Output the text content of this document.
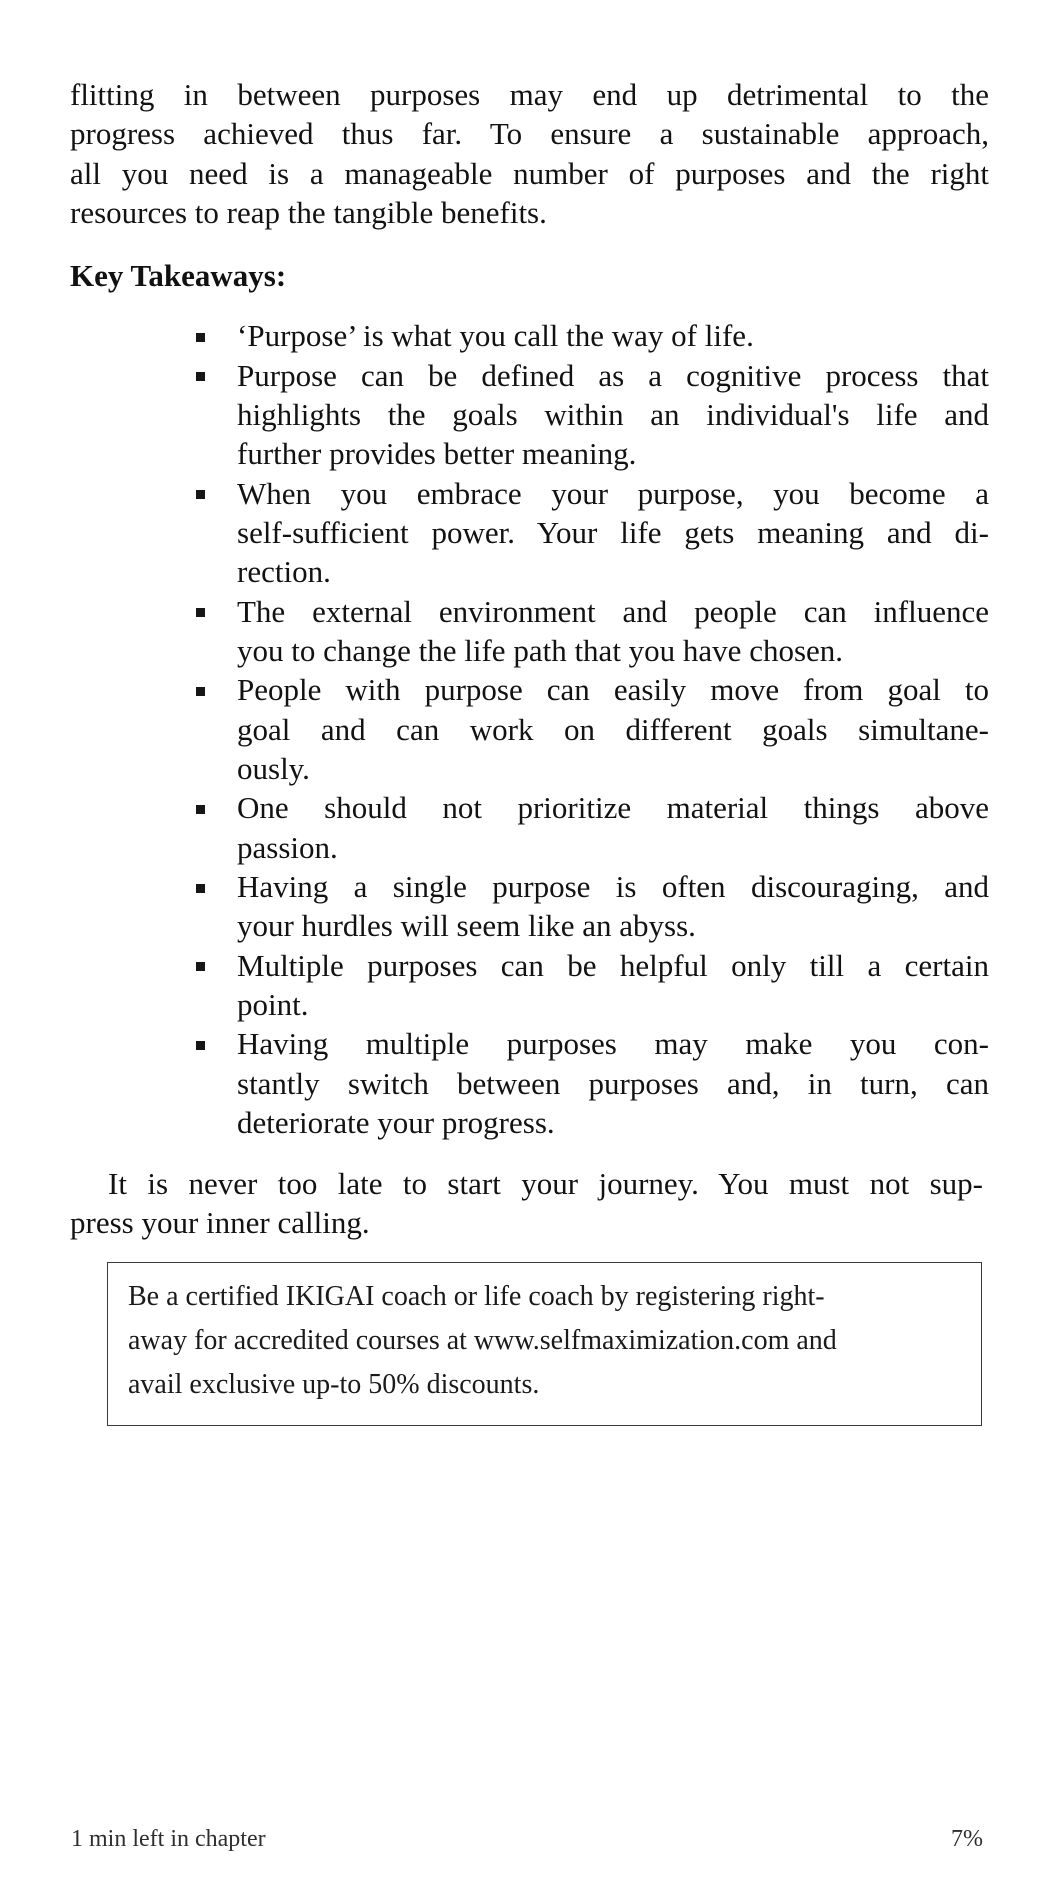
flitting in between purposes may end up detrimental to the
progress achieved thus far. To ensure a sustainable approach,
all you need is a manageable number of purposes and the right
resources to reap the tangible benefits.
Key Takeaways:
‘Purpose’ is what you call the way of life.
Purpose can be defined as a cognitive process that
highlights the goals within an individual's life and
further provides better meaning.
When you embrace your purpose, you become a
self-sufficient power. Your life gets meaning and di-
rection.
The external environment and people can influence
you to change the life path that you have chosen.
People with purpose can easily move from goal to
goal and can work on different goals simultane-
ously.
One should not prioritize material things above
passion.
Having a single purpose is often discouraging, and
your hurdles will seem like an abyss.
Multiple purposes can be helpful only till a certain
point.
Having multiple purposes may make you con-
stantly switch between purposes and, in turn, can
deteriorate your progress.
It is never too late to start your journey. You must not sup-
press your inner calling.
Be a certified IKIGAI coach or life coach by registering right-
away for accredited courses at www.selfmaximization.com and
avail exclusive up-to 50% discounts.
1 min left in chapter	7%
